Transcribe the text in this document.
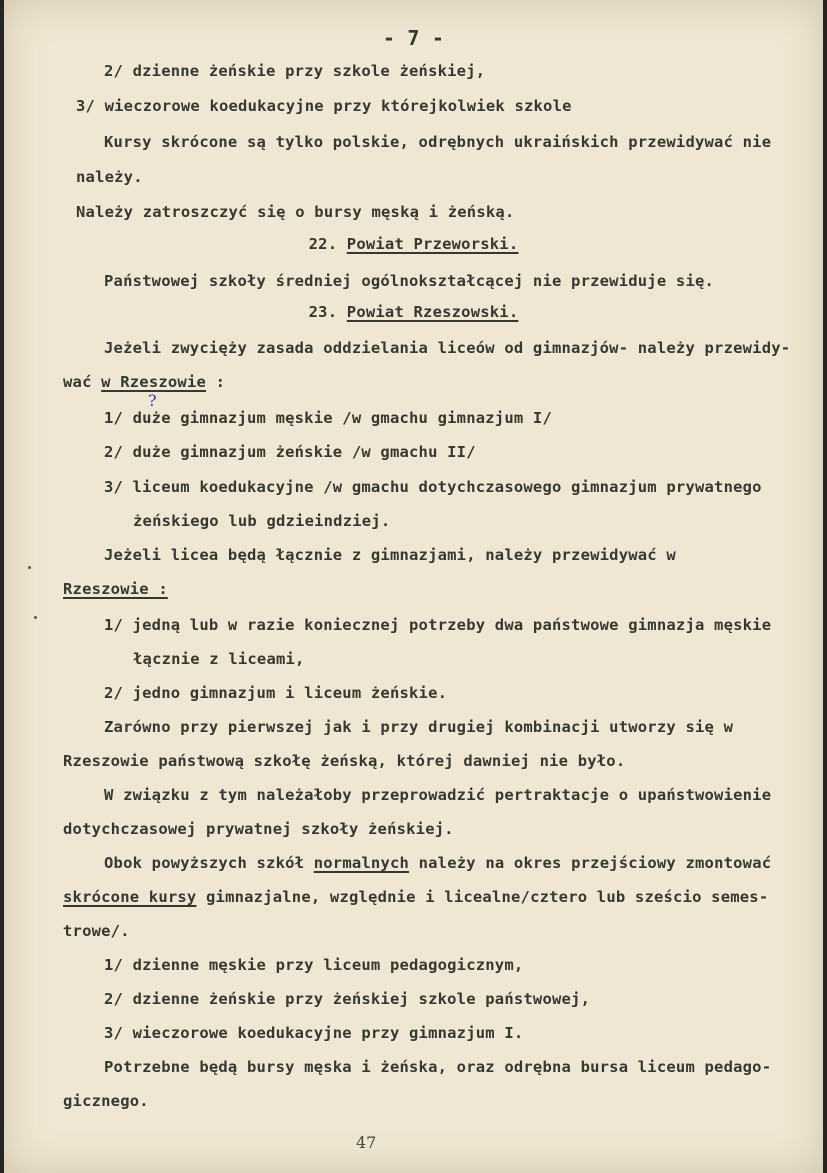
- 7 -
2/ dzienne żeńskie przy szkole żeńskiej,
3/ wieczorowe koedukacyjne przy którejkolwiek szkole
Kursy skrócone są tylko polskie, odrębnych ukraińskich przewidywać nie
należy.
Należy zatroszczyć się o bursy męską i żeńską.
22. Powiat Przeworski.
Państwowej szkoły średniej ogólnokształcącej nie przewiduje się.
23. Powiat Rzeszowski.
Jeżeli zwycięży zasada oddzielania liceów od gimnazjów- należy przewidy-
wać w Rzeszowie :
?
1/ duże gimnazjum męskie /w gmachu gimnazjum I/
2/ duże gimnazjum żeńskie /w gmachu II/
3/ liceum koedukacyjne /w gmachu dotychczasowego gimnazjum prywatnego
żeńskiego lub gdzieindziej.
Jeżeli licea będą łącznie z gimnazjami, należy przewidywać w
Rzeszowie :
1/ jedną lub w razie koniecznej potrzeby dwa państwowe gimnazja męskie
łącznie z liceami,
2/ jedno gimnazjum i liceum żeńskie.
Zarówno przy pierwszej jak i przy drugiej kombinacji utworzy się w
Rzeszowie państwową szkołę żeńską, której dawniej nie było.
W związku z tym należałoby przeprowadzić pertraktacje o upaństwowienie
dotychczasowej prywatnej szkoły żeńskiej.
Obok powyższych szkół normalnych należy na okres przejściowy zmontować
skrócone kursy gimnazjalne, względnie i licealne/cztero lub sześcio semes-
trowe/.
1/ dzienne męskie przy liceum pedagogicznym,
2/ dzienne żeńskie przy żeńskiej szkole państwowej,
3/ wieczorowe koedukacyjne przy gimnazjum I.
Potrzebne będą bursy męska i żeńska, oraz odrębna bursa liceum pedago-
gicznego.
47
